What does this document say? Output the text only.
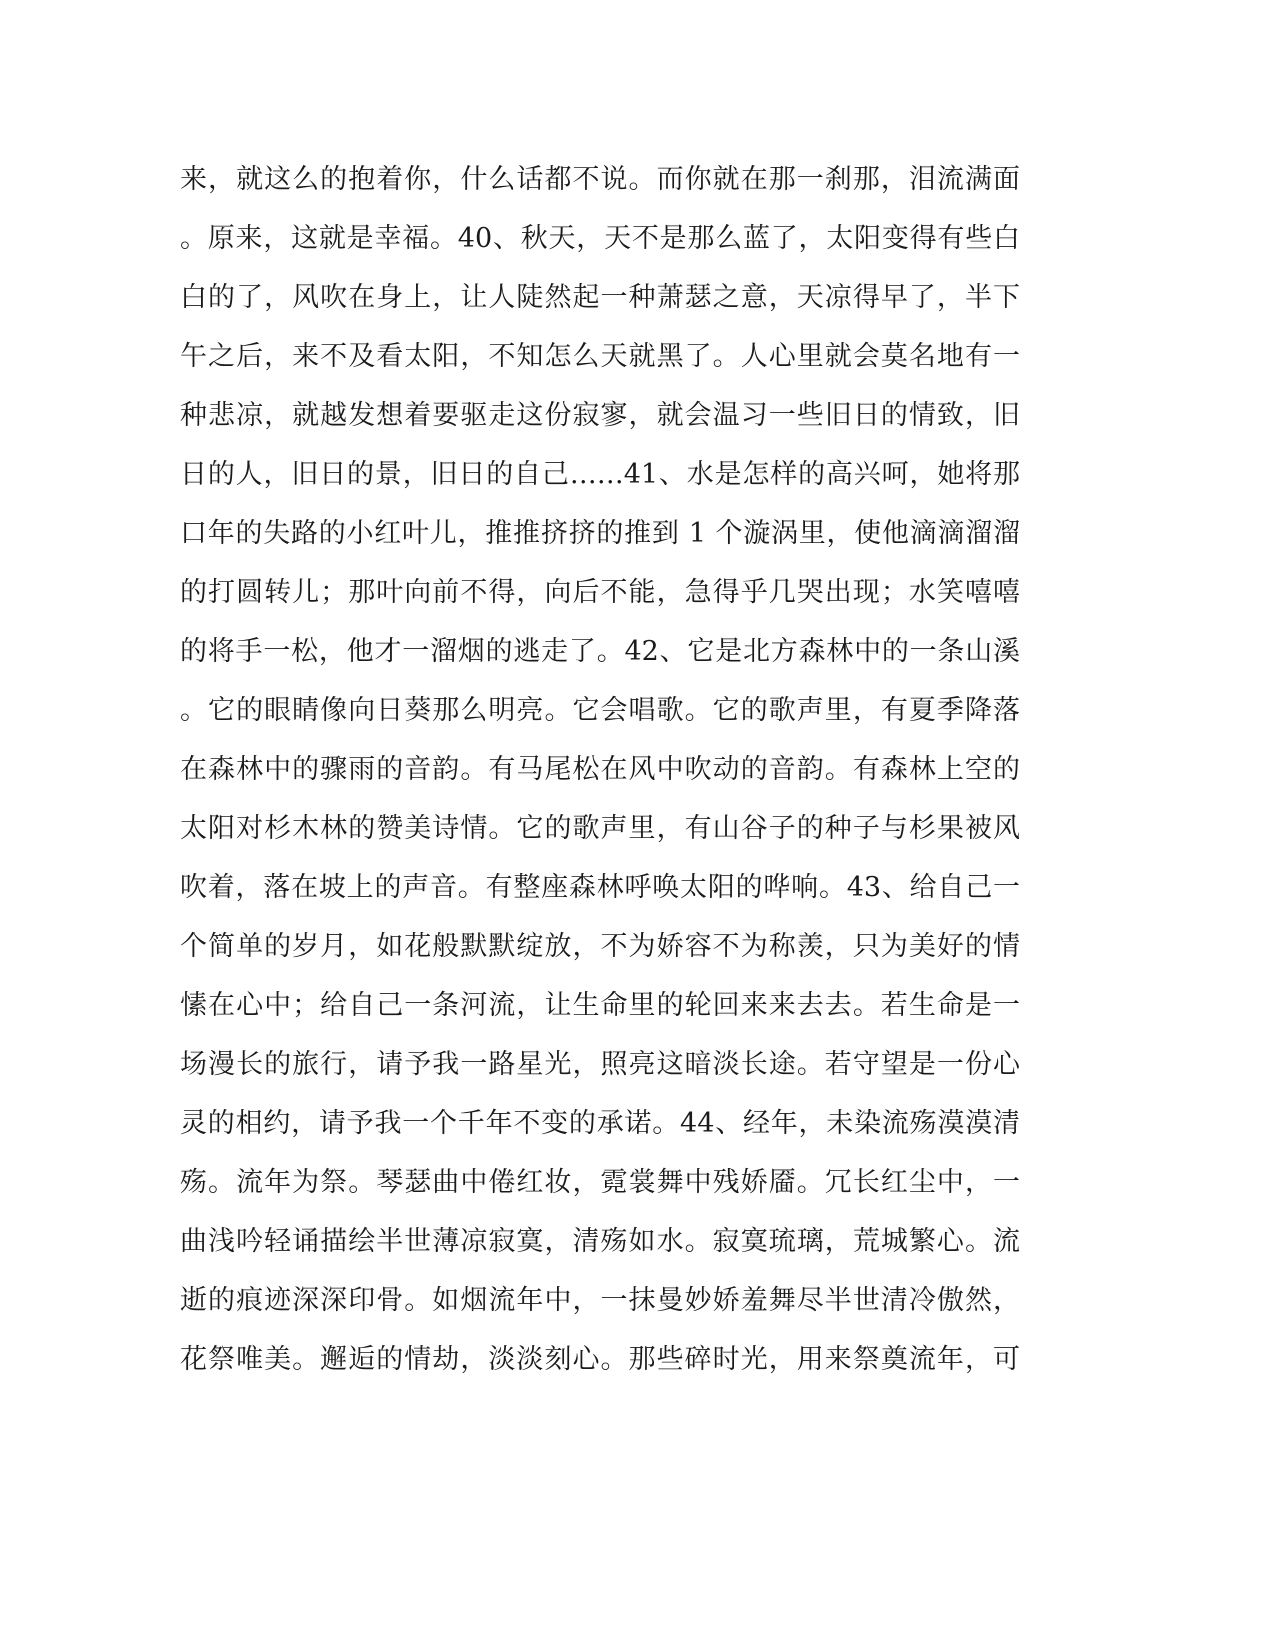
来，就这么的抱着你，什么话都不说。而你就在那一刹那，泪流满面
。原来，这就是幸福。40、秋天，天不是那么蓝了，太阳变得有些白
白的了，风吹在身上，让人陡然起一种萧瑟之意，天凉得早了，半下
午之后，来不及看太阳，不知怎么天就黑了。人心里就会莫名地有一
种悲凉，就越发想着要驱走这份寂寥，就会温习一些旧日的情致，旧
日的人，旧日的景，旧日的自己……41、水是怎样的高兴呵，她将那
口年的失路的小红叶儿，推推挤挤的推到 1 个漩涡里，使他滴滴溜溜
的打圆转儿；那叶向前不得，向后不能，急得乎几哭出现；水笑嘻嘻
的将手一松，他才一溜烟的逃走了。42、它是北方森林中的一条山溪
。它的眼睛像向日葵那么明亮。它会唱歌。它的歌声里，有夏季降落
在森林中的骤雨的音韵。有马尾松在风中吹动的音韵。有森林上空的
太阳对杉木林的赞美诗情。它的歌声里，有山谷子的种子与杉果被风
吹着，落在坡上的声音。有整座森林呼唤太阳的哗响。43、给自己一
个简单的岁月，如花般默默绽放，不为娇容不为称羡，只为美好的情
愫在心中；给自己一条河流，让生命里的轮回来来去去。若生命是一
场漫长的旅行，请予我一路星光，照亮这暗淡长途。若守望是一份心
灵的相约，请予我一个千年不变的承诺。44、经年，未染流殇漠漠清
殇。流年为祭。琴瑟曲中倦红妆，霓裳舞中残娇靥。冗长红尘中，一
曲浅吟轻诵描绘半世薄凉寂寞，清殇如水。寂寞琉璃，荒城繁心。流
逝的痕迹深深印骨。如烟流年中，一抹曼妙娇羞舞尽半世清冷傲然，
花祭唯美。邂逅的情劫，淡淡刻心。那些碎时光，用来祭奠流年，可
